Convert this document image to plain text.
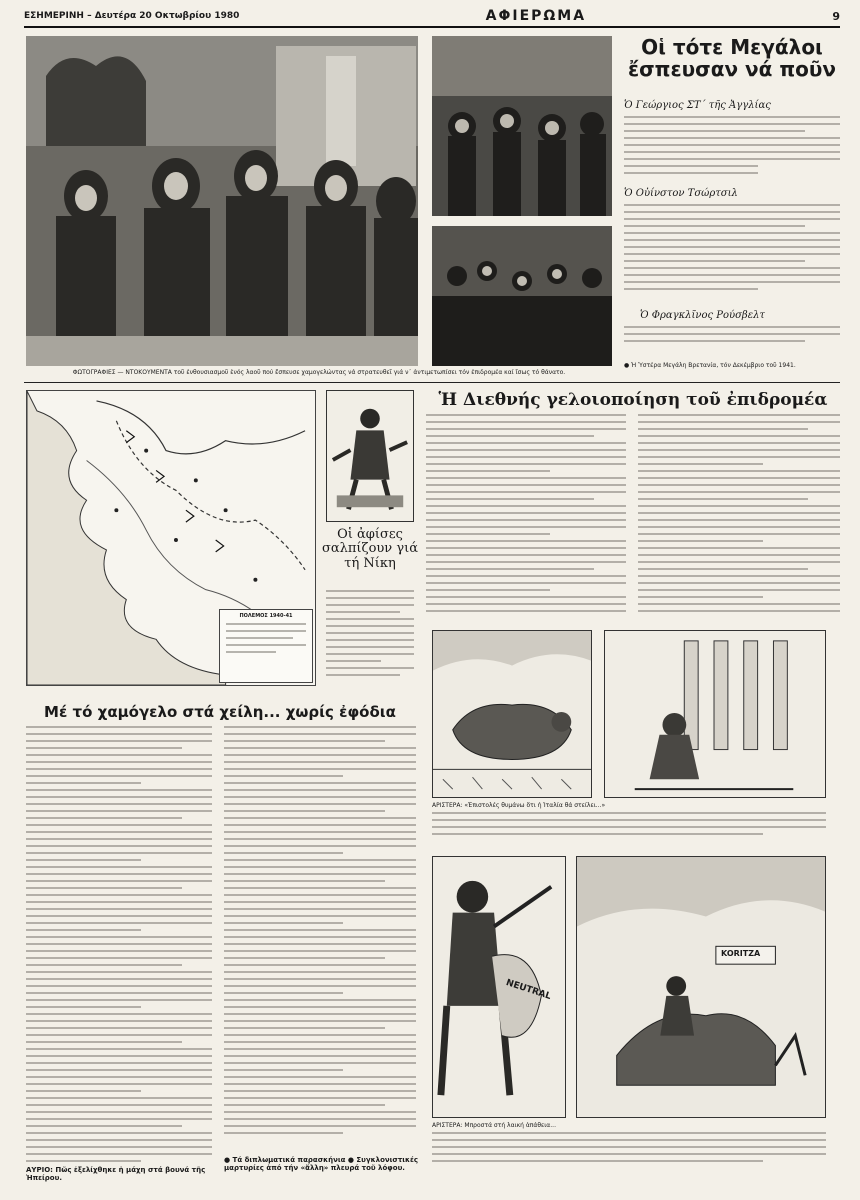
ΕΣΗΜΕΡΙΝΗ – Δευτέρα 20 Οκτωβρίου 1980	ΑΦΙΕΡΩΜΑ	9
ΦΩΤΟΓΡΑΦΙΕΣ — ΝΤΟΚΟΥΜΕΝΤΑ τοῦ ἐνθουσιασμοῦ ἑνός λαοῦ πού ἔσπευσε χαμογελώντας νά στρατευθεῖ γιά ν᾿ ἀντιμετωπίσει τόν ἐπιδρομέα καί ἴσως τό θάνατο.
Οἱ τότε Μεγάλοι ἔσπευσαν νά ποῦν
Ὁ Γεώργιος ΣΤ΄ τῆς Ἀγγλίας
Ὁ Οὐίνστον Τσώρτσιλ
Ὁ Φραγκλῖνος Ρούσβελτ
● Ἡ Ὑστέρα Μεγάλη Βρετανία, τόν Δεκέμβριο τοῦ 1941.
ΠΟΛΕΜΟΣ 1940-41
Οἱ ἀφίσες σαλπίζουν γιά τή Νίκη
Ἡ Διεθνής γελοιοποίηση τοῦ ἐπιδρομέα
ΑΡΙΣΤΕΡΑ: «Ἐπιστολές θυμάνω ὅτι ἡ Ἰταλία θά στείλει...»
NEUTRAL
KORITZA
ΑΡΙΣΤΕΡΑ: Μπροστά στή λαική ἀπάθεια...
Μέ τό χαμόγελο στά χείλη... χωρίς ἐφόδια
ΑΥΡΙΟ: Πῶς ἐξελίχθηκε ἡ μάχη στά βουνά τῆς Ἠπείρου.
● Τά διπλωματικά παρασκήνια ● Συγκλονιστικές μαρτυρίες ἀπό τήν «ἄλλη» πλευρά τοῦ λόφου.
